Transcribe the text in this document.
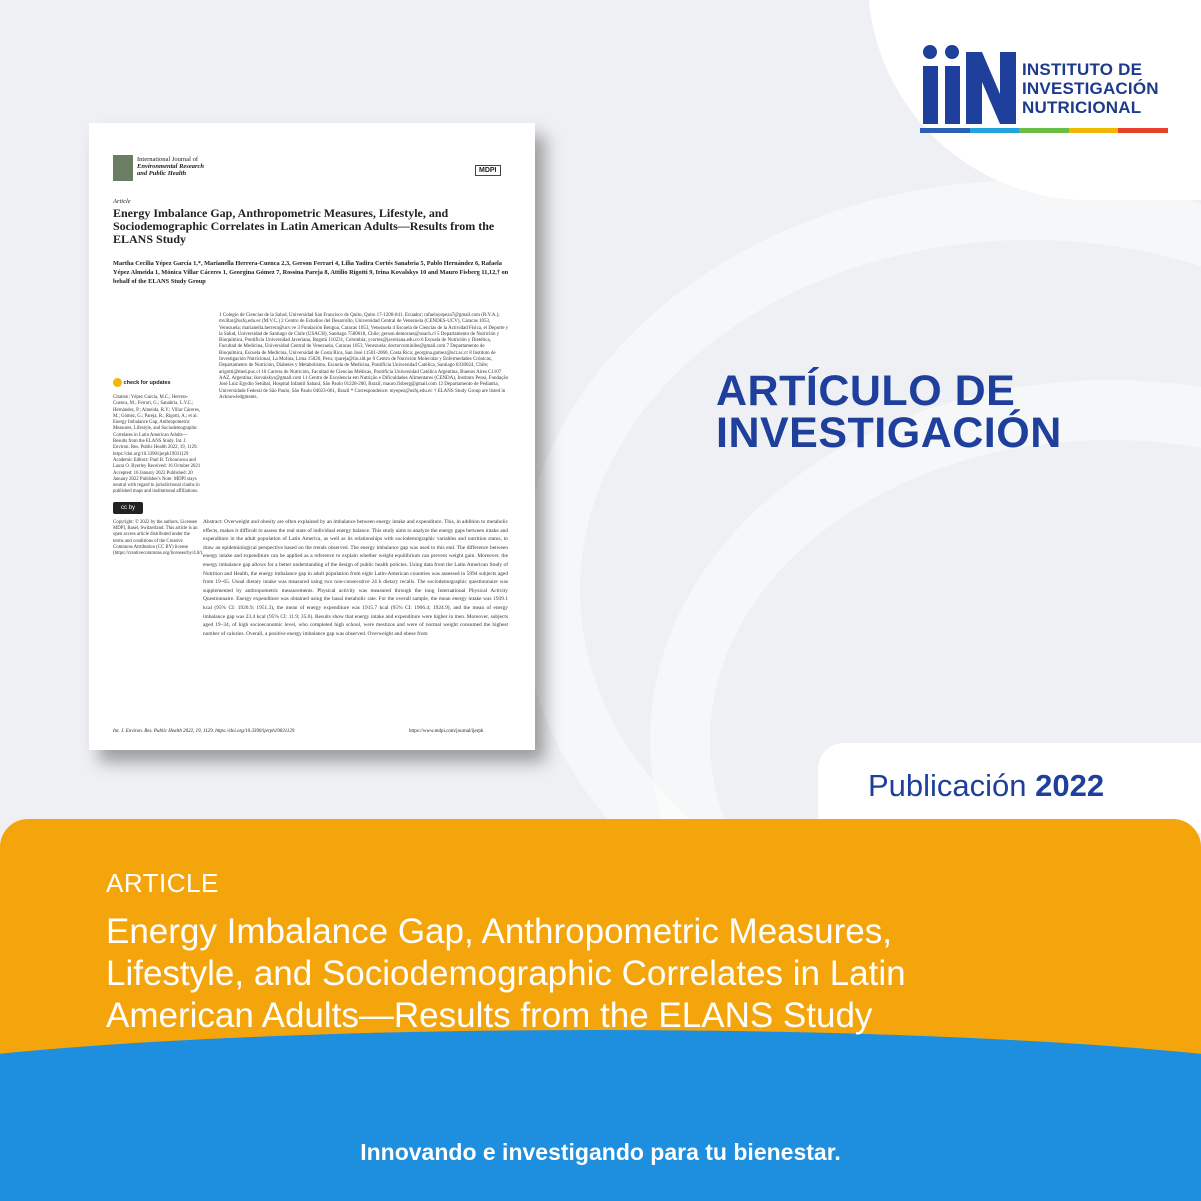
INSTITUTO DE
INVESTIGACIÓN
NUTRICIONAL
International Journal of
Environmental Research
and Public Health	MDPI
Article
Energy Imbalance Gap, Anthropometric Measures, Lifestyle, and Sociodemographic Correlates in Latin American Adults—Results from the ELANS Study
Martha Cecilia Yépez García 1,*, Marianella Herrera-Cuenca 2,3, Gerson Ferrari 4, Lilia Yadira Cortés Sanabria 5, Pablo Hernández 6, Rafaela Yépez Almeida 1, Mónica Villar Cáceres 1, Georgina Gómez 7, Rossina Pareja 8, Attilio Rigotti 9, Irina Kovalskys 10 and Mauro Fisberg 11,12,† on behalf of the ELANS Study Group
1 Colegio de Ciencias de la Salud, Universidad San Francisco de Quito, Quito 17-1200-841, Ecuador; rafaelayepeza7@gmail.com (R.Y.A.); mvillar@usfq.edu.ec (M.V.C.) 2 Centro de Estudios del Desarrollo, Universidad Central de Venezuela (CENDES-UCV), Caracas 1053, Venezuela; marianella.herrera@ucv.ve 3 Fundación Bengoa, Caracas 1053, Venezuela 4 Escuela de Ciencias de la Actividad Física, el Deporte y la Salud, Universidad de Santiago de Chile (USACH), Santiago 7500618, Chile; gerson.demoraes@usach.cl 5 Departamento de Nutrición y Bioquímica, Pontificia Universidad Javeriana, Bogotá 110231, Colombia; ycortes@javeriana.edu.co 6 Escuela de Nutrición y Dietética, Facultad de Medicina, Universidad Central de Venezuela, Caracas 1053, Venezuela; doctorcuminibe@gmail.com 7 Departamento de Bioquímica, Escuela de Medicina, Universidad de Costa Rica, San José 11501-2060, Costa Rica; georgina.gomez@ucr.ac.cr 8 Instituto de Investigación Nutricional, La Molina, Lima 15026, Peru; rpareja@iin.sld.pe 9 Centro de Nutrición Molecular y Enfermedades Crónicas, Departamento de Nutrición, Diabetes y Metabolismo, Escuela de Medicina, Pontificia Universidad Católica, Santiago 8330024, Chile; arigotti@med.puc.cl 10 Carrera de Nutrición, Facultad de Ciencias Médicas, Pontificia Universidad Católica Argentina, Buenos Aires C1107 AAZ, Argentina; ikovalskys@gmail.com 11 Centro de Excelencia em Nutrição e Dificuldades Alimentares (CENDA), Instituto Pensi, Fundação José Luiz Egydio Setúbal, Hospital Infantil Sabará, São Paulo 01228-200, Brazil; mauro.fisberg@gmail.com 12 Departamento de Pediatria, Universidade Federal de São Paulo, São Paulo 04023-061, Brazil * Correspondence: myepez@usfq.edu.ec † ELANS Study Group are listed in Acknowledgments.
check for updates
Citation: Yépez García, M.C.; Herrera-Cuenca, M.; Ferrari, G.; Sanabria, L.Y.C.; Hernández, P.; Almeida, R.Y.; Villar Cáceres, M.; Gómez, G.; Pareja, R.; Rigotti, A.; et al. Energy Imbalance Gap, Anthropometric Measures, Lifestyle, and Sociodemographic Correlates in Latin American Adults—Results from the ELANS Study. Int. J. Environ. Res. Public Health 2022, 19, 1129. https://doi.org/10.3390/ijerph19031129 Academic Editors: Paul B. Tchounwou and Laura O. Byerley Received: 16 October 2021 Accepted: 16 January 2022 Published: 20 January 2022 Publisher's Note: MDPI stays neutral with regard to jurisdictional claims in published maps and institutional affiliations.
cc by
Copyright: © 2022 by the authors. Licensee MDPI, Basel, Switzerland. This article is an open access article distributed under the terms and conditions of the Creative Commons Attribution (CC BY) license (https://creativecommons.org/licenses/by/4.0/).
Abstract: Overweight and obesity are often explained by an imbalance between energy intake and expenditure. This, in addition to metabolic effects, makes it difficult to assess the real state of individual energy balance. This study aims to analyze the energy gaps between intake and expenditure in the adult population of Latin America, as well as its relationships with sociodemographic variables and nutrition status, to draw an epidemiological perspective based on the trends observed. The energy imbalance gap was used to this end. The difference between energy intake and expenditure can be applied as a reference to explain whether weight equilibrium can prevent weight gain. Moreover, the energy imbalance gap allows for a better understanding of the design of public health policies. Using data from the Latin American Study of Nutrition and Health, the energy imbalance gap in adult population from eight Latin-American countries was assessed in 5994 subjects aged from 19–65. Usual dietary intake was measured using two non-consecutive 24 h dietary recalls. The sociodemographic questionnaire was supplemented by anthropometric measurements. Physical activity was measured through the long International Physical Activity Questionnaire. Energy expenditure was obtained using the basal metabolic rate. For the overall sample, the mean energy intake was 1939.1 kcal (95% CI: 1926.9; 1951.3), the mean of energy expenditure was 1915.7 kcal (95% CI: 1906.4; 1924.9), and the mean of energy imbalance gap was 23.4 kcal (95% CI: 11.9; 35.0). Results show that energy intake and expenditure were higher in men. Moreover, subjects aged 19–34, of high socioeconomic level, who completed high school, were mestizos and were of normal weight consumed the highest number of calories. Overall, a positive energy imbalance gap was observed. Overweight and obese from
Int. J. Environ. Res. Public Health 2022, 19, 1129. https://doi.org/10.3390/ijerph19031129	https://www.mdpi.com/journal/ijerph
ARTÍCULO DE
INVESTIGACIÓN
Publicación 2022
ARTICLE
Energy Imbalance Gap, Anthropometric Measures,
Lifestyle, and Sociodemographic Correlates in Latin
American Adults—Results from the ELANS Study
Innovando e investigando para tu bienestar.
